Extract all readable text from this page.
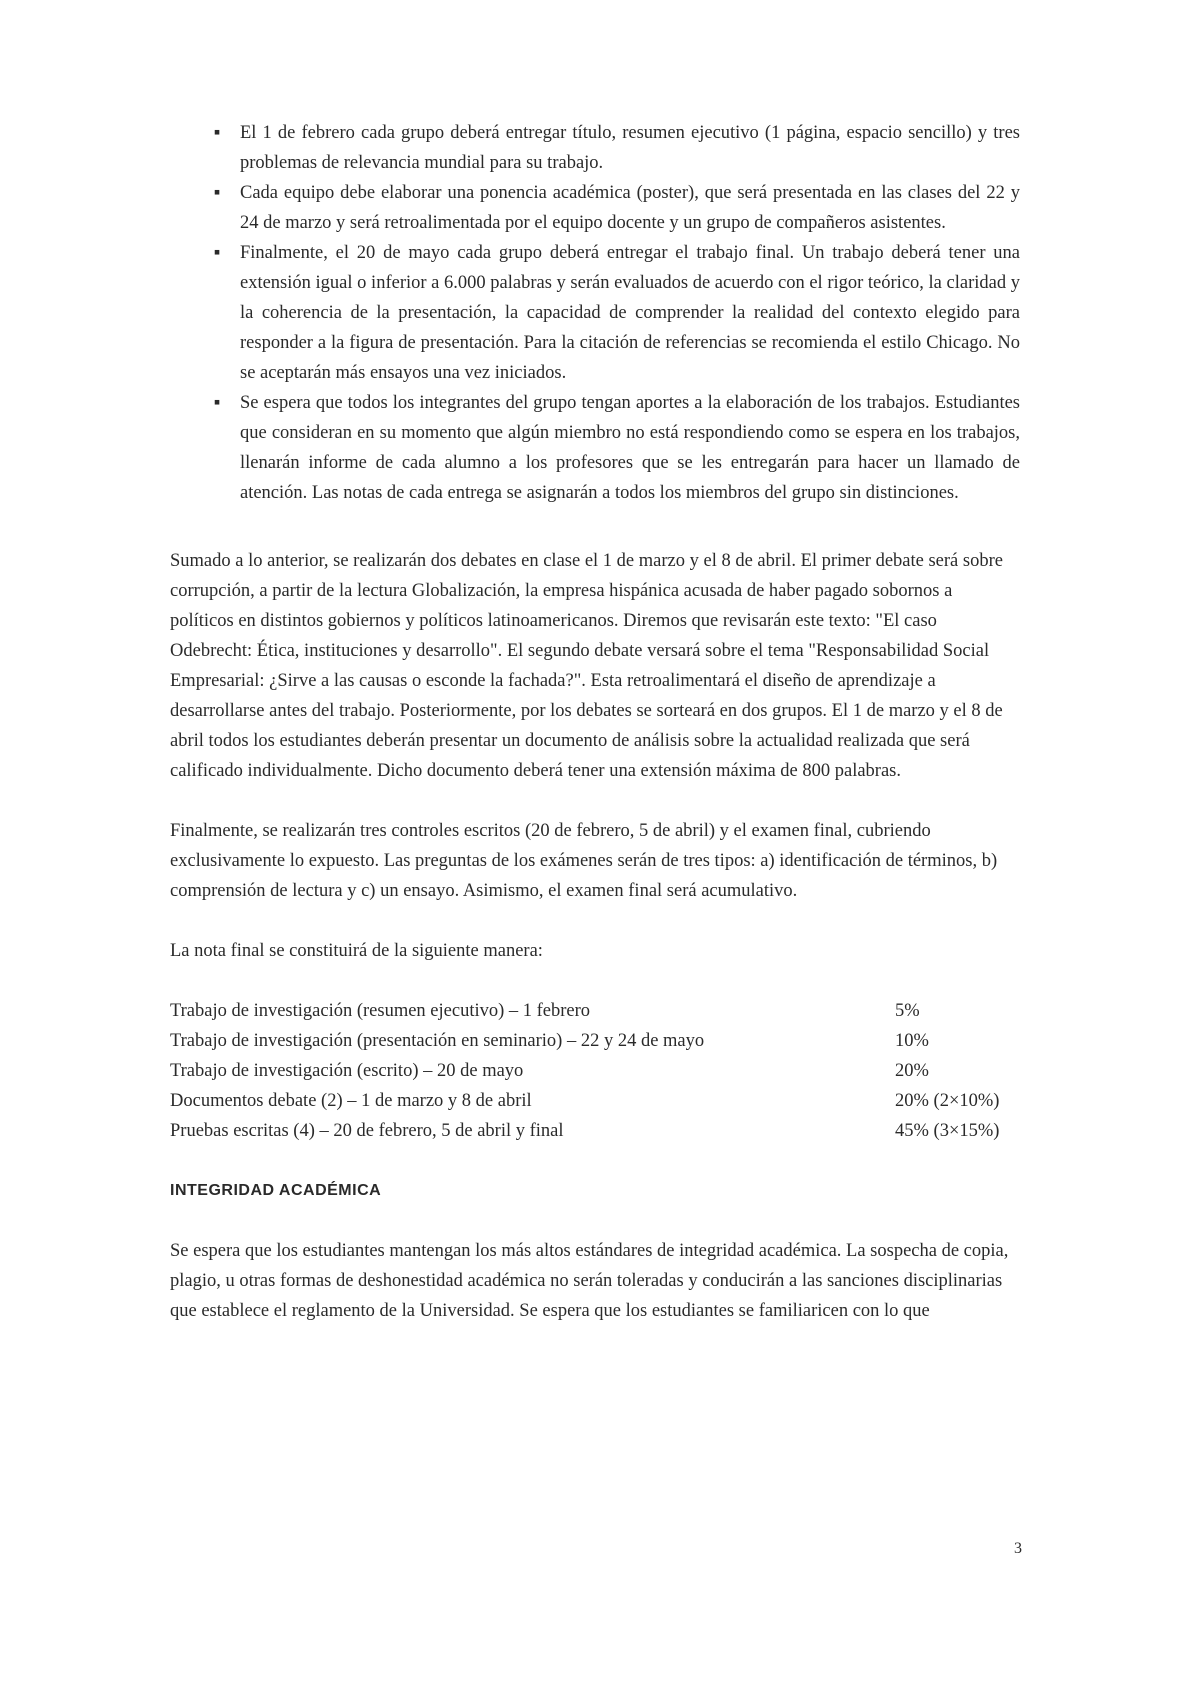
▪ El 1 de febrero cada grupo deberá entregar título, resumen ejecutivo (1 página, espacio sencillo) y tres problemas de relevancia mundial para su trabajo.
▪ Cada equipo debe elaborar una ponencia académica (poster), que será presentada en las clases del 22 y 24 de marzo y será retroalimentada por el equipo docente y un grupo de compañeros asistentes.
▪ Finalmente, el 20 de mayo cada grupo deberá entregar el trabajo final. Un trabajo deberá tener una extensión igual o inferior a 6.000 palabras y serán evaluados de acuerdo con el rigor teórico, la claridad y la coherencia de la presentación, la capacidad de comprender la realidad del contexto elegido para responder a la figura de presentación. Para la citación de referencias se recomienda el estilo Chicago. No se aceptarán más ensayos una vez iniciados.
▪ Se espera que todos los integrantes del grupo tengan aportes a la elaboración de los trabajos. Estudiantes que consideran en su momento que algún miembro no está respondiendo como se espera en los trabajos, llenarán informe de cada alumno a los profesores que se les entregarán para hacer un llamado de atención. Las notas de cada entrega se asignarán a todos los miembros del grupo sin distinciones.

Sumado a lo anterior, se realizarán dos debates en clase el 1 de marzo y el 8 de abril. El primer debate será sobre corrupción, a partir de la lectura Globalización, la empresa hispánica acusada de haber pagado sobornos a políticos en distintos gobiernos y políticos latinoamericanos. Diremos que revisarán este texto: "El caso Odebrecht: Ética, instituciones y desarrollo". El segundo debate versará sobre el tema "Responsabilidad Social Empresarial: ¿Sirve a las causas o esconde la fachada?". Esta retroalimentará el diseño de aprendizaje a desarrollarse antes del trabajo. Posteriormente, por los debates se sorteará en dos grupos. El 1 de marzo y el 8 de abril todos los estudiantes deberán presentar un documento de análisis sobre la actualidad realizada que será calificado individualmente. Dicho documento deberá tener una extensión máxima de 800 palabras.

Finalmente, se realizarán tres controles escritos (20 de febrero, 5 de abril) y el examen final, cubriendo exclusivamente lo expuesto. Las preguntas de los exámenes serán de tres tipos: a) identificación de términos, b) comprensión de lectura y c) un ensayo. Asimismo, el examen final será acumulativo.

La nota final se constituirá de la siguiente manera:

Trabajo de investigación (resumen ejecutivo) – 1 febrero	5%
Trabajo de investigación (presentación en seminario) – 22 y 24 de mayo	10%
Trabajo de investigación (escrito) – 20 de mayo	20%
Documentos debate (2) – 1 de marzo y 8 de abril	20% (2×10%)
Pruebas escritas (4) – 20 de febrero, 5 de abril y final	45% (3×15%)
INTEGRIDAD ACADÉMICA

Se espera que los estudiantes mantengan los más altos estándares de integridad académica. La sospecha de copia, plagio, u otras formas de deshonestidad académica no serán toleradas y conducirán a las sanciones disciplinarias que establece el reglamento de la Universidad. Se espera que los estudiantes se familiaricen con lo que

3
